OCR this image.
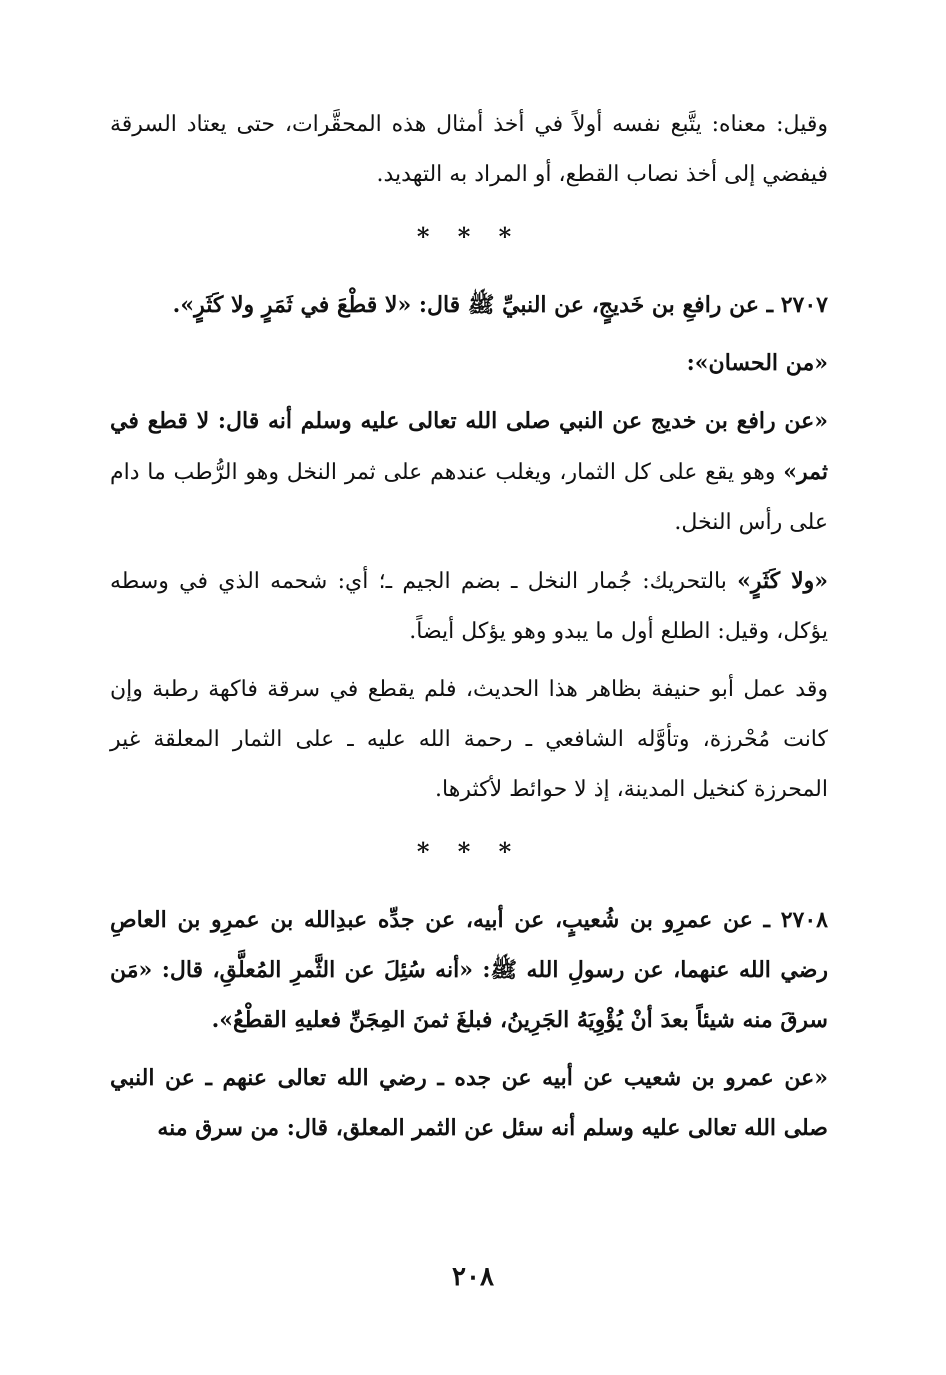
وقيل: معناه: يتَّبع نفسه أولاً في أخذ أمثال هذه المحقَّرات، حتى يعتاد السرقة فيفضي إلى أخذ نصاب القطع، أو المراد به التهديد.

* * *

٢٧٠٧ ـ عن رافعِ بن خَديجٍ، عن النبيِّ ﷺ قال: «لا قطْعَ في ثَمَرٍ ولا كَثَرٍ».

«من الحسان»:

«عن رافع بن خديج عن النبي صلى الله تعالى عليه وسلم أنه قال: لا قطع في ثمر» وهو يقع على كل الثمار، ويغلب عندهم على ثمر النخل وهو الرُّطب ما دام على رأس النخل.

«ولا كَثَرٍ» بالتحريك: جُمار النخل ـ بضم الجيم ـ؛ أي: شحمه الذي في وسطه يؤكل، وقيل: الطلع أول ما يبدو وهو يؤكل أيضاً.

وقد عمل أبو حنيفة بظاهر هذا الحديث، فلم يقطع في سرقة فاكهة رطبة وإن كانت مُحْرزة، وتأوَّله الشافعي ـ رحمة الله عليه ـ على الثمار المعلقة غير المحرزة كنخيل المدينة، إذ لا حوائط لأكثرها.

* * *

٢٧٠٨ ـ عن عمرِو بن شُعيبٍ، عن أبيه، عن جدِّه عبدِالله بن عمرِو بن العاصِ رضي الله عنهما، عن رسولِ الله ﷺ: «أنه سُئِلَ عن الثَّمرِ المُعلَّقِ، قال: «مَن سرقَ منه شيئاً بعدَ أنْ يُؤْوِيَهُ الجَرِينُ، فبلغَ ثمنَ المِجَنِّ فعليهِ القطْعُ».

«عن عمرو بن شعيب عن أبيه عن جده ـ رضي الله تعالى عنهم ـ عن النبي صلى الله تعالى عليه وسلم أنه سئل عن الثمر المعلق، قال: من سرق منه

٢٠٨
